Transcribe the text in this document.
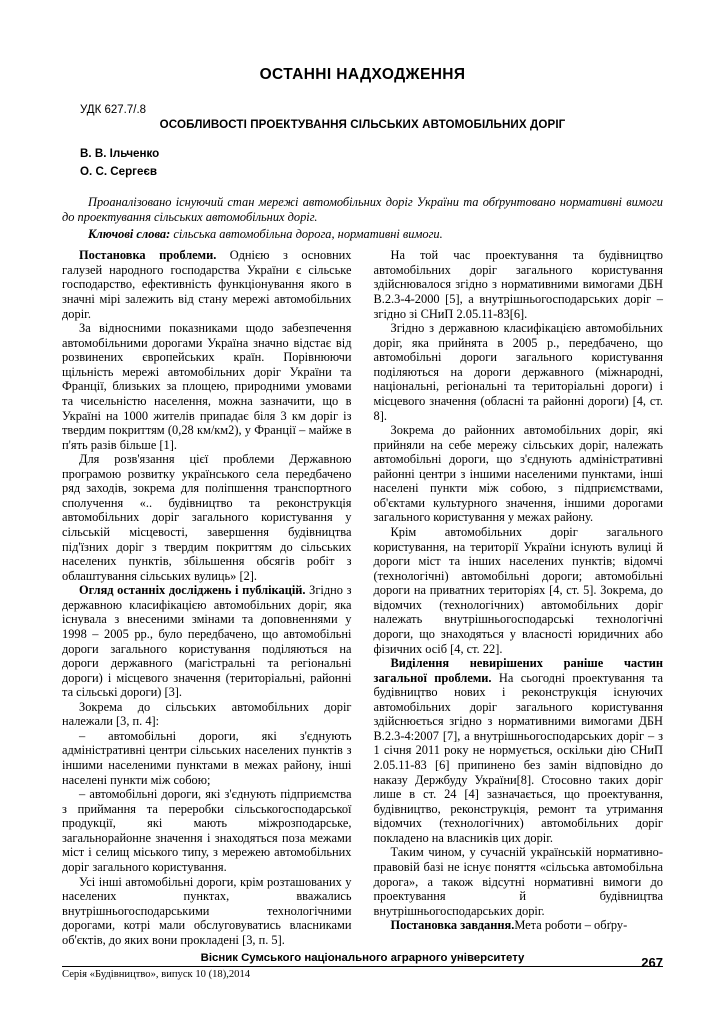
ОСТАННІ НАДХОДЖЕННЯ
УДК 627.7/.8
ОСОБЛИВОСТІ ПРОЕКТУВАННЯ СІЛЬСЬКИХ АВТОМОБІЛЬНИХ ДОРІГ
В. В. Ільченко
О. С. Сергеєв
Проаналізовано існуючий стан мережі автомобільних доріг України та обґрунтовано нормативні вимоги до проектування сільських автомобільних доріг.
Ключові слова: сільська автомобільна дорога, нормативні вимоги.

Постановка проблеми. Однією з основних галузей народного господарства України є сільське господарство, ефективність функціонування якого в значні мірі залежить від стану мережі автомобільних доріг.

За відносними показниками щодо забезпечення автомобільними дорогами Україна значно відстає від розвинених європейських країн. Порівнюючи щільність мережі автомобільних доріг України та Франції, близьких за площею, природними умовами та чисельністю населення, можна зазначити, що в Україні на 1000 жителів припадає біля 3 км доріг із твердим покриттям (0,28 км/км2), у Франції – майже в п'ять разів більше [1].

Для розв'язання цієї проблеми Державною програмою розвитку українського села передбачено ряд заходів, зокрема для поліпшення транспортного сполучення «.. будівництво та реконструкція автомобільних доріг загального користування у сільській місцевості, завершення будівництва під'їзних доріг з твердим покриттям до сільських населених пунктів, збільшення обсягів робіт з облаштування сільських вулиць» [2].

Огляд останніх досліджень і публікацій. Згідно з державною класифікацією автомобільних доріг, яка існувала з внесеними змінами та доповненнями у 1998 – 2005 рр., було передбачено, що автомобільні дороги загального користування поділяються на дороги державного (магістральні та регіональні дороги) і місцевого значення (територіальні, районні та сільські дороги) [3].

Зокрема до сільських автомобільних доріг належали [3, п. 4]:

– автомобільні дороги, які з'єднують адміністративні центри сільських населених пунктів з іншими населеними пунктами в межах району, інші населені пункти між собою;

– автомобільні дороги, які з'єднують підприємства з приймання та переробки сільськогосподарської продукції, які мають міжрозподарське, загальнорайонне значення і знаходяться поза межами міст і селищ міського типу, з мережею автомобільних доріг загального користування.

Усі інші автомобільні дороги, крім розташованих у населених пунктах, вважались внутрішньогосподарськими технологічними дорогами, котрі мали обслуговуватись власниками об'єктів, до яких вони прокладені [3, п. 5].

На той час проектування та будівництво автомобільних доріг загального користування здійснювалося згідно з нормативними вимогами ДБН В.2.3-4-2000 [5], а внутрішньогосподарських доріг – згідно зі СНиП 2.05.11-83[6].

Згідно з державною класифікацією автомобільних доріг, яка прийнята в 2005 р., передбачено, що автомобільні дороги загального користування поділяються на дороги державного (міжнародні, національні, регіональні та територіальні дороги) і місцевого значення (обласні та районні дороги) [4, ст. 8].

Зокрема до районних автомобільних доріг, які прийняли на себе мережу сільських доріг, належать автомобільні дороги, що з'єднують адміністративні районні центри з іншими населеними пунктами, інші населені пункти між собою, з підприємствами, об'єктами культурного значення, іншими дорогами загального користування у межах району.

Крім автомобільних доріг загального користування, на території України існують вулиці й дороги міст та інших населених пунктів; відомчі (технологічні) автомобільні дороги; автомобільні дороги на приватних територіях [4, ст. 5]. Зокрема, до відомчих (технологічних) автомобільних доріг належать внутрішньогосподарські технологічні дороги, що знаходяться у власності юридичних або фізичних осіб [4, ст. 22].

Виділення невирішених раніше частин загальної проблеми. На сьогодні проектування та будівництво нових і реконструкція існуючих автомобільних доріг загального користування здійснюється згідно з нормативними вимогами ДБН В.2.3-4:2007 [7], а внутрішньогосподарських доріг – з 1 січня 2011 року не нормується, оскільки дію СНиП 2.05.11-83 [6] припинено без замін відповідно до наказу Держбуду України[8]. Стосовно таких доріг лише в ст. 24 [4] зазначається, що проектування, будівництво, реконструкція, ремонт та утримання відомчих (технологічних) автомобільних доріг покладено на власників цих доріг.

Таким чином, у сучасній українській нормативно-правовій базі не існує поняття «сільська автомобільна дорога», а також відсутні нормативні вимоги до проектування й будівництва внутрішньогосподарських доріг.

Постановка завдання.Мета роботи – обґру-

Вісник Сумського національного аграрного університету
Серія «Будівництво», випуск 10 (18),2014
267
